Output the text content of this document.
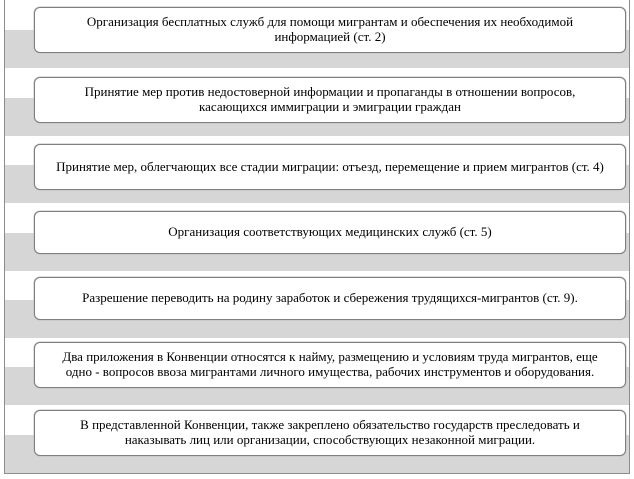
Организация бесплатных служб для помощи мигрантам и обеспечения их необходимой информацией (ст. 2)
Принятие мер против недостоверной информации и пропаганды в отношении вопросов, касающихся иммиграции и эмиграции граждан
Принятие мер, облегчающих все стадии миграции: отъезд, перемещение и прием мигрантов (ст. 4)
Организация соответствующих медицинских служб (ст. 5)
Разрешение переводить на родину заработок и сбережения трудящихся-мигрантов (ст. 9).
Два приложения в Конвенции относятся к найму, размещению и условиям труда мигрантов, еще одно - вопросов ввоза мигрантами личного имущества, рабочих инструментов и оборудования.
В представленной Конвенции, также закреплено обязательство государств преследовать и наказывать лиц или организации, способствующих незаконной миграции.
